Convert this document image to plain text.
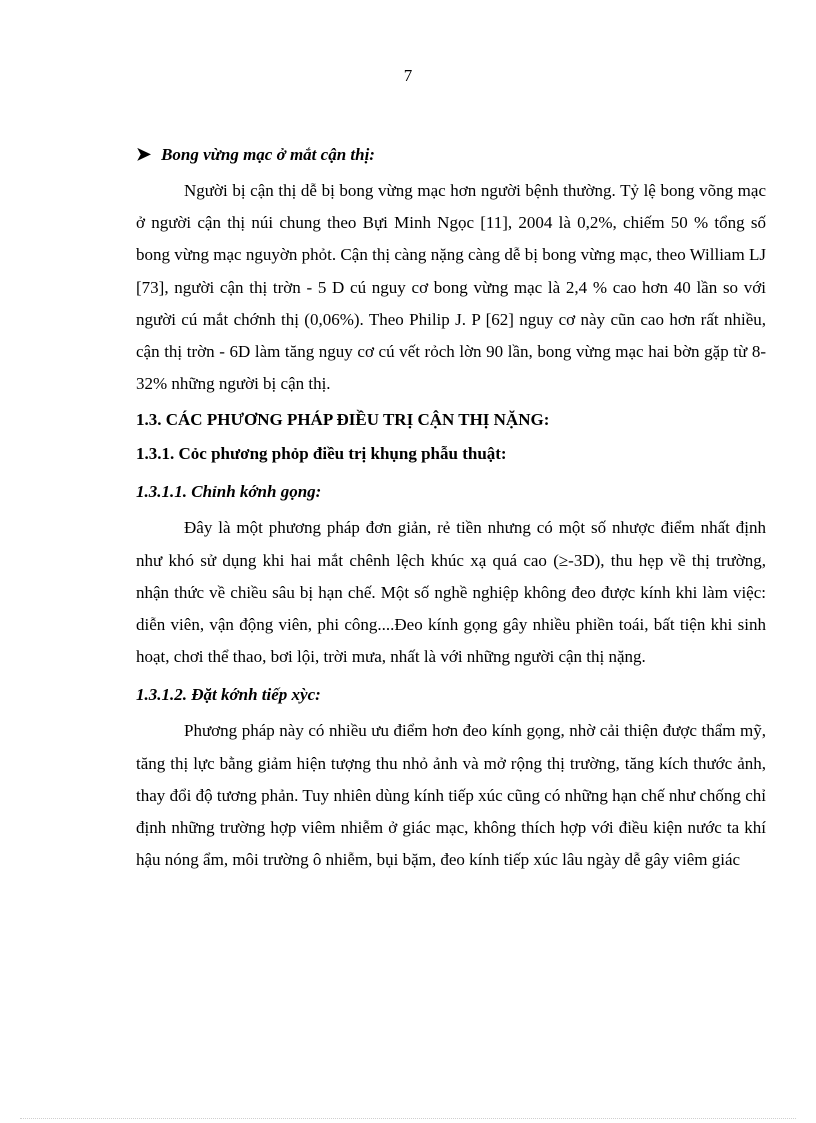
7
➤ Bong vừng mạc ở mắt cận thị:

Người bị cận thị dễ bị bong vừng mạc hơn người bệnh thường. Tỷ lệ bong võng mạc ở người cận thị núi chung theo Bựi Minh Ngọc [11], 2004 là 0,2%, chiếm 50 % tổng số bong vừng mạc nguyờn phỏt. Cận thị càng nặng càng dễ bị bong vừng mạc, theo William LJ [73], người cận thị trờn - 5 D cú nguy cơ bong vừng mạc là 2,4 % cao hơn 40 lần so với người cú mắt chớnh thị (0,06%). Theo Philip J. P [62] nguy cơ này cũn cao hơn rất nhiều, cận thị trờn - 6D làm tăng nguy cơ cú vết rỏch lờn 90 lần, bong vừng mạc hai bờn gặp từ 8-32% những người bị cận thị.

1.3. CÁC PHƯƠNG PHÁP ĐIỀU TRỊ CẬN THỊ NẶNG:
1.3.1. Cỏc phương phỏp điều trị khụng phẫu thuật:
1.3.1.1. Chỉnh kớnh gọng:

Đây là một phương pháp đơn giản, rẻ tiền nhưng có một số nhược điểm nhất định như khó sử dụng khi hai mắt chênh lệch khúc xạ quá cao (≥-3D), thu hẹp về thị trường, nhận thức về chiều sâu bị hạn chế. Một số nghề nghiệp không đeo được kính khi làm việc: diễn viên, vận động viên, phi công....Đeo kính gọng gây nhiều phiền toái, bất tiện khi sinh hoạt, chơi thể thao, bơi lội, trời mưa, nhất là với những người cận thị nặng.

1.3.1.2. Đặt kớnh tiếp xỳc:

Phương pháp này có nhiều ưu điểm hơn đeo kính gọng, nhờ cải thiện được thẩm mỹ, tăng thị lực bằng giảm hiện tượng thu nhỏ ảnh và mở rộng thị trường, tăng kích thước ảnh, thay đổi độ tương phản. Tuy nhiên dùng kính tiếp xúc cũng có những hạn chế như chống chỉ định những trường hợp viêm nhiễm ở giác mạc, không thích hợp với điều kiện nước ta khí hậu nóng ẩm, môi trường ô nhiễm, bụi bặm, đeo kính tiếp xúc lâu ngày dễ gây viêm giác
